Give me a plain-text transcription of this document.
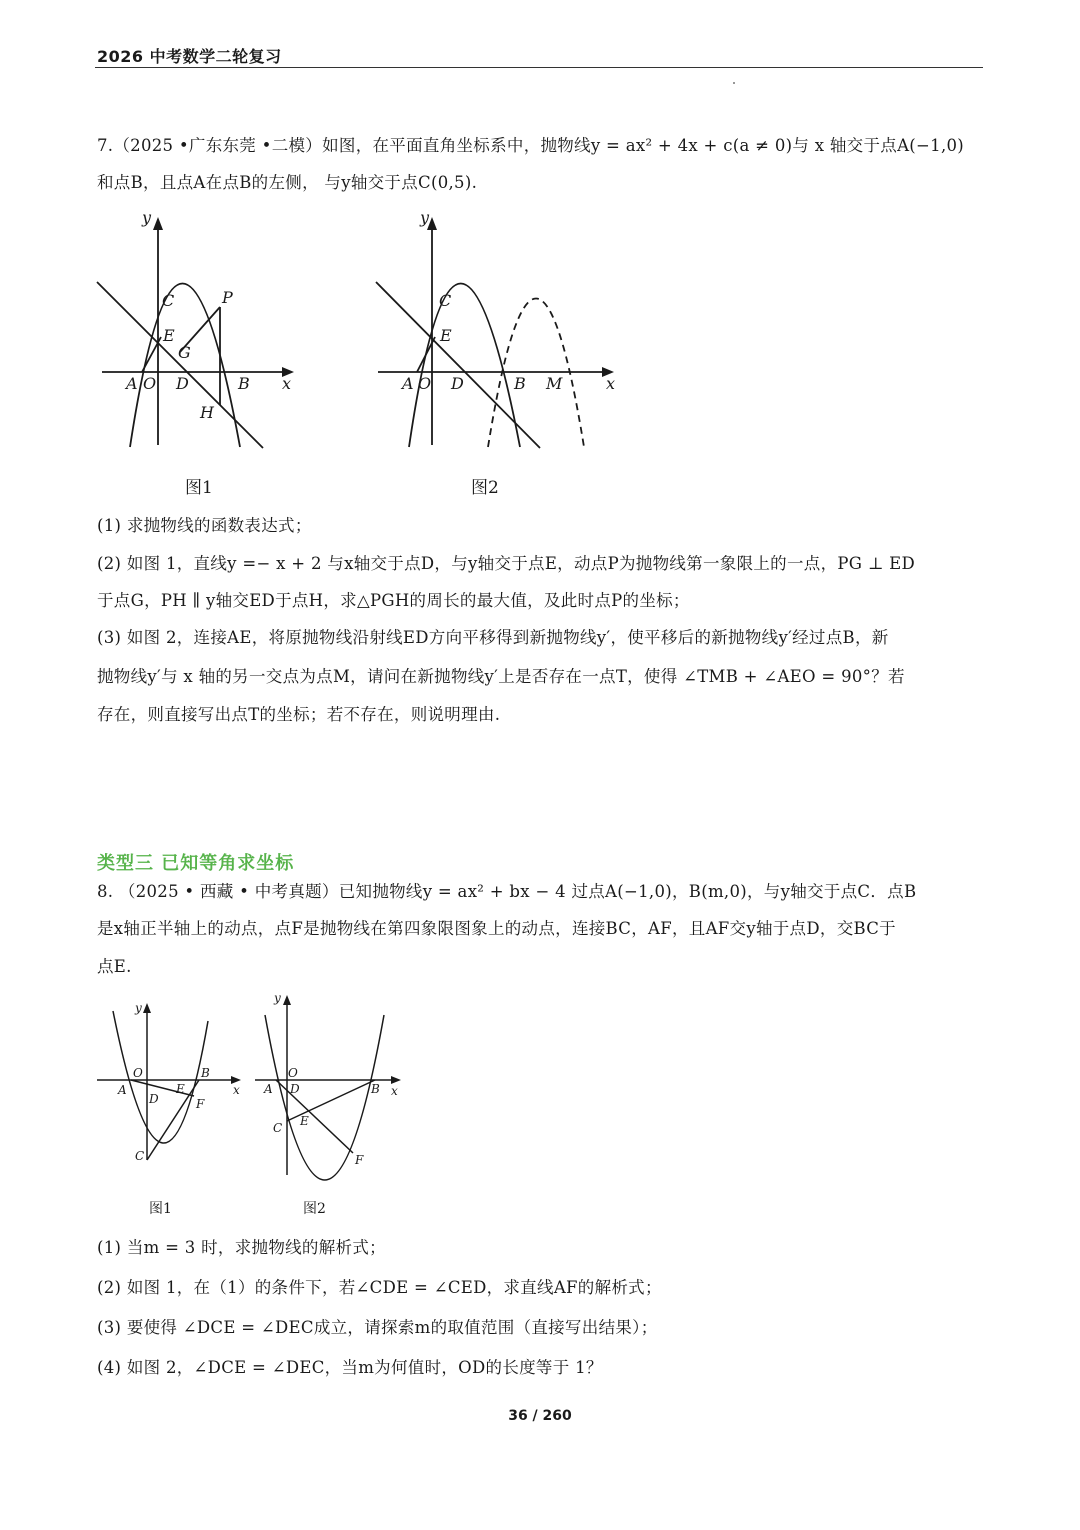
2026 中考数学二轮复习
7.（2025 •广东东莞 •二模）如图，在平面直角坐标系中，抛物线y = ax² + 4x + c(a ≠ 0)与 x 轴交于点A(−1,0)
和点B，且点A在点B的左侧， 与y轴交于点C(0,5).
y
C	P
E
G
A O D	B x
H
图1
y
C
E
A O D	B M	x
图2
(1) 求抛物线的函数表达式；
(2) 如图 1，直线y =− x + 2 与x轴交于点D，与y轴交于点E，动点P为抛物线第一象限上的一点，PG ⊥ ED
于点G，PH ∥ y轴交ED于点H，求△PGH的周长的最大值，及此时点P的坐标；
(3) 如图 2，连接AE，将原抛物线沿射线ED方向平移得到新抛物线y′，使平移后的新抛物线y′经过点B，新
抛物线y′与 x 轴的另一交点为点M，请问在新抛物线y′上是否存在一点T，使得 ∠TMB + ∠AEO = 90°？若
存在，则直接写出点T的坐标；若不存在，则说明理由.
类型三 已知等角求坐标
8. （2025 • 西藏 • 中考真题）已知抛物线y = ax² + bx − 4 过点A(−1,0)，B(m,0)，与y轴交于点C．点B
是x轴正半轴上的动点，点F是抛物线在第四象限图象上的动点，连接BC，AF，且AF交y轴于点D，交BC于
点E.
y
O	B
A	E	x
D	F
C
图1
y
O
A D	B x
E
C
F
图2
(1) 当m = 3 时，求抛物线的解析式；
(2) 如图 1，在（1）的条件下，若∠CDE = ∠CED，求直线AF的解析式；
(3) 要使得 ∠DCE = ∠DEC成立，请探索m的取值范围（直接写出结果）；
(4) 如图 2，∠DCE = ∠DEC，当m为何值时，OD的长度等于 1？
36 / 260
